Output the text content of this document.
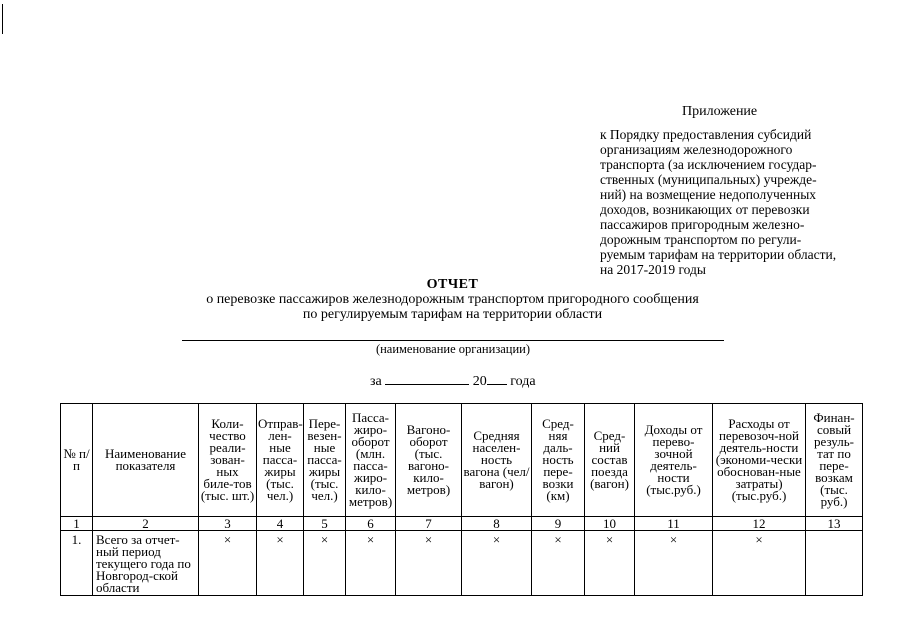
Приложение
к Порядку предоставления субсидий
организациям железнодорожного
транспорта (за исключением государ-
ственных (муниципальных) учрежде-
ний) на возмещение недополученных
доходов, возникающих от перевозки
пассажиров пригородным железно-
дорожным транспортом по регули-
руемым тарифам на территории области,
на 2017-2019 годы
ОТЧЕТ
о перевозке пассажиров железнодорожным транспортом пригородного сообщения
по регулируемым тарифам на территории области
(наименование организации)
за	20 года
№ п/п	Наименование показателя	Коли-чество реали-зован-ных биле-тов (тыс. шт.)	Отправ-лен-ные пасса-жиры (тыс. чел.)	Пере-везен-ные пасса-жиры (тыс. чел.)	Пасса-жиро-оборот (млн. пасса-жиро-кило-метров)	Вагоно-оборот (тыс. вагоно-кило-метров)	Средняя населен-ность вагона (чел/вагон)	Сред-няя даль-ность пере-возки (км)	Сред-ний состав поезда (вагон)	Доходы от перево-зочной деятель-ности (тыс.руб.)	Расходы от перевозоч-ной деятель-ности (экономи-чески обоснован-ные затраты) (тыс.руб.)	Финан-совый резуль-тат по пере-возкам (тыс. руб.)
1	2	3	4	5	6	7	8	9	10	11	12	13
1.	Всего за отчет-ный период текущего года по Новгород-ской области	×	×	×	×	×	×	×	×	×	×	
